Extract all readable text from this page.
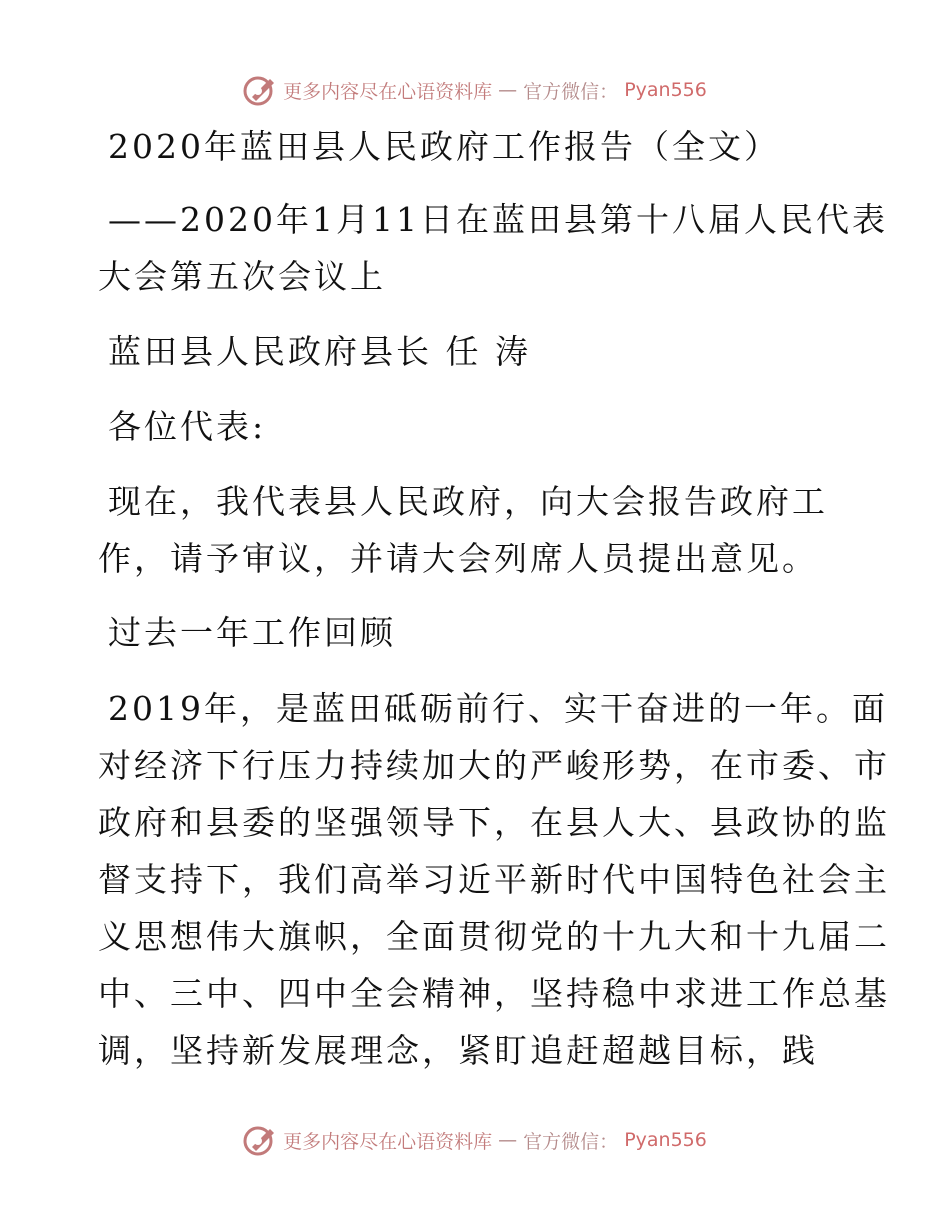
更多内容尽在心语资料库 — 官方微信： Pyan556
2020年蓝田县人民政府工作报告（全文）
——2020年1月11日在蓝田县第十八届人民代表
大会第五次会议上
蓝田县人民政府县长 任 涛
各位代表:
现在，我代表县人民政府，向大会报告政府工
作，请予审议，并请大会列席人员提出意见。
过去一年工作回顾
2019年，是蓝田砥砺前行、实干奋进的一年。面
对经济下行压力持续加大的严峻形势，在市委、市
政府和县委的坚强领导下，在县人大、县政协的监
督支持下，我们高举习近平新时代中国特色社会主
义思想伟大旗帜，全面贯彻党的十九大和十九届二
中、三中、四中全会精神，坚持稳中求进工作总基
调，坚持新发展理念，紧盯追赶超越目标，践
更多内容尽在心语资料库 — 官方微信： Pyan556
